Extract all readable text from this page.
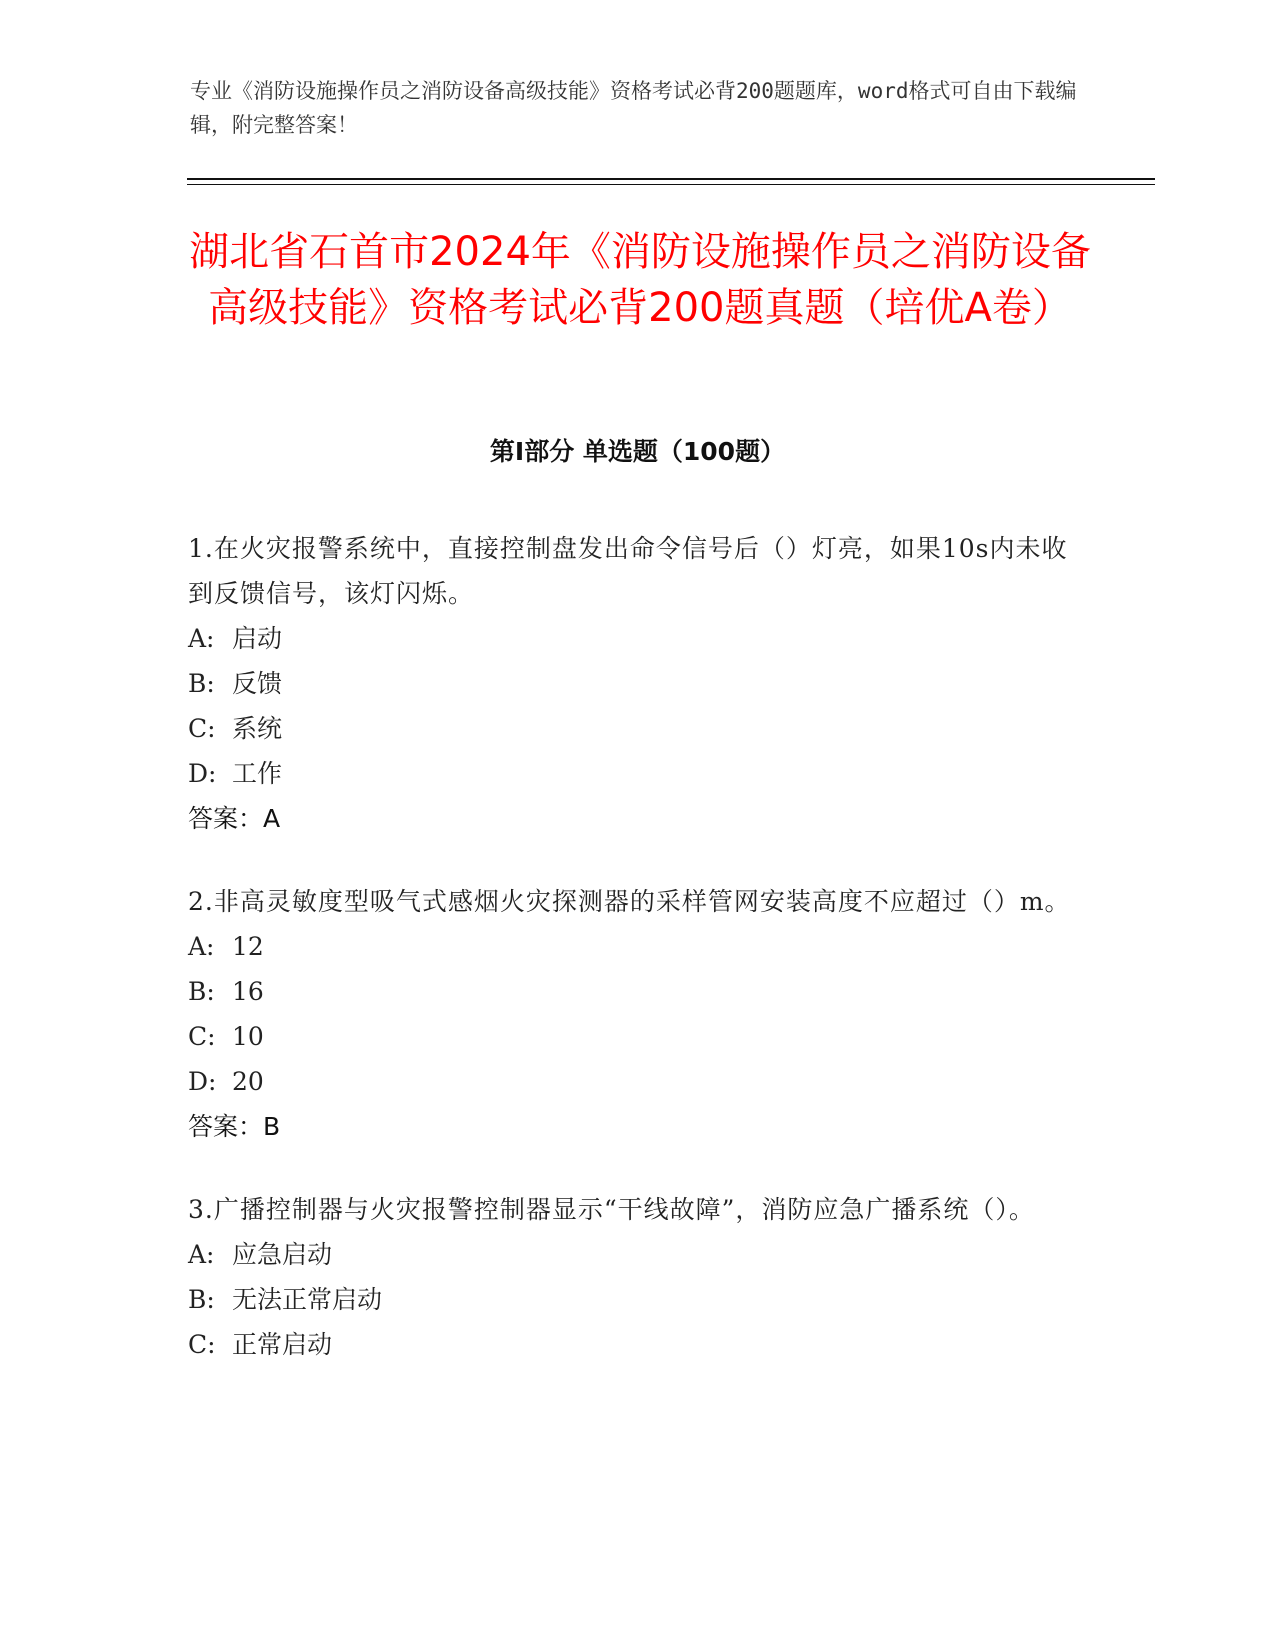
专业《消防设施操作员之消防设备高级技能》资格考试必背200题题库，word格式可自由下载编辑，附完整答案！

湖北省石首市2024年《消防设施操作员之消防设备高级技能》资格考试必背200题真题（培优A卷）
第Ⅰ部分 单选题（100题）

1.在火灾报警系统中，直接控制盘发出命令信号后（）灯亮，如果10s内未收到反馈信号，该灯闪烁。

A: 启动

B: 反馈

C: 系统

D: 工作

答案：A

2.非高灵敏度型吸气式感烟火灾探测器的采样管网安装高度不应超过（）m。

A: 12

B: 16

C: 10

D: 20

答案：B

3.广播控制器与火灾报警控制器显示“干线故障”，消防应急广播系统（）。

A: 应急启动

B: 无法正常启动

C: 正常启动
